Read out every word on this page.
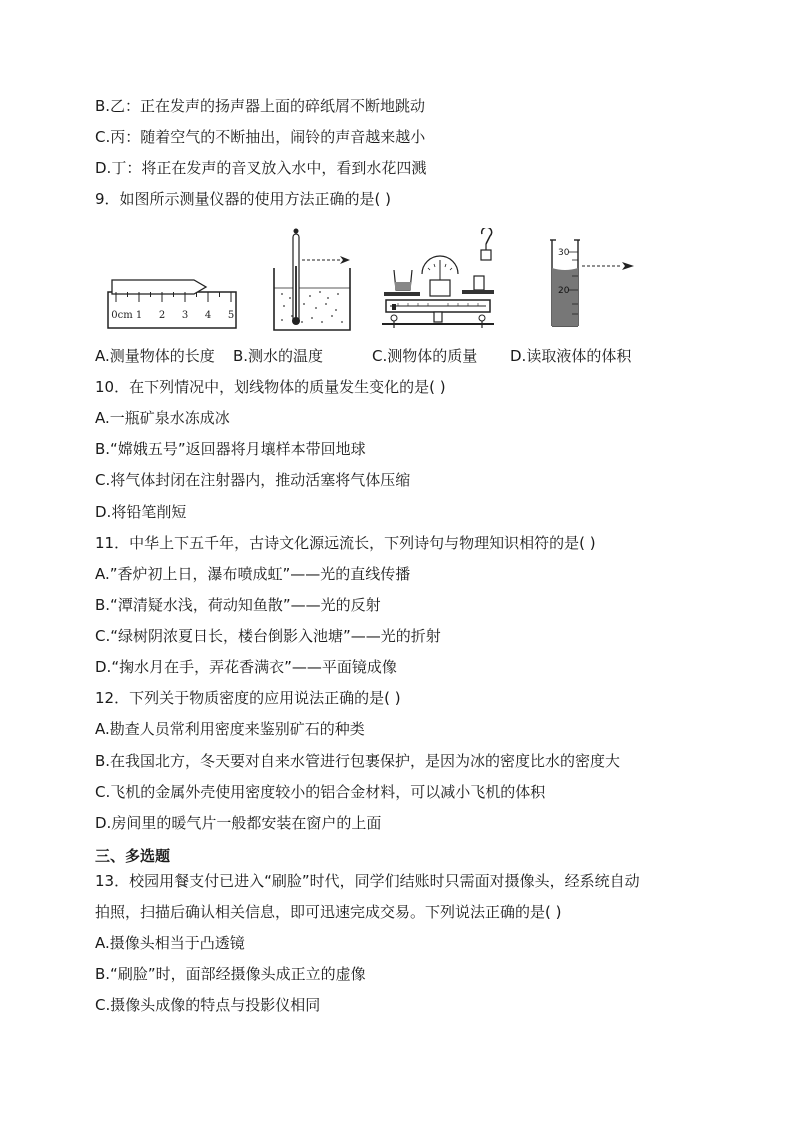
B.乙：正在发声的扬声器上面的碎纸屑不断地跳动
C.丙：随着空气的不断抽出，闹铃的声音越来越小
D.丁：将正在发声的音叉放入水中，看到水花四溅
9．如图所示测量仪器的使用方法正确的是( )
0cm 1 2 3 4 5
30
20
A.测量物体的长度 B.测水的温度	C.测物体的质量 D.读取液体的体积
10．在下列情况中，划线物体的质量发生变化的是( )
A.一瓶矿泉水冻成冰
B.“嫦娥五号”返回器将月壤样本带回地球
C.将气体封闭在注射器内，推动活塞将气体压缩
D.将铅笔削短
11．中华上下五千年，古诗文化源远流长，下列诗句与物理知识相符的是( )
A.”香炉初上日，瀑布喷成虹”——光的直线传播
B.“潭清疑水浅，荷动知鱼散”——光的反射
C.“绿树阴浓夏日长，楼台倒影入池塘”——光的折射
D.“掬水月在手，弄花香满衣”——平面镜成像
12．下列关于物质密度的应用说法正确的是( )
A.勘查人员常利用密度来鉴别矿石的种类
B.在我国北方，冬天要对自来水管进行包裹保护，是因为冰的密度比水的密度大
C.飞机的金属外壳使用密度较小的铝合金材料，可以减小飞机的体积
D.房间里的暖气片一般都安装在窗户的上面
三、多选题
13．校园用餐支付已进入“刷脸”时代，同学们结账时只需面对摄像头，经系统自动
拍照，扫描后确认相关信息，即可迅速完成交易。下列说法正确的是( )
A.摄像头相当于凸透镜
B.“刷脸”时，面部经摄像头成正立的虚像
C.摄像头成像的特点与投影仪相同
